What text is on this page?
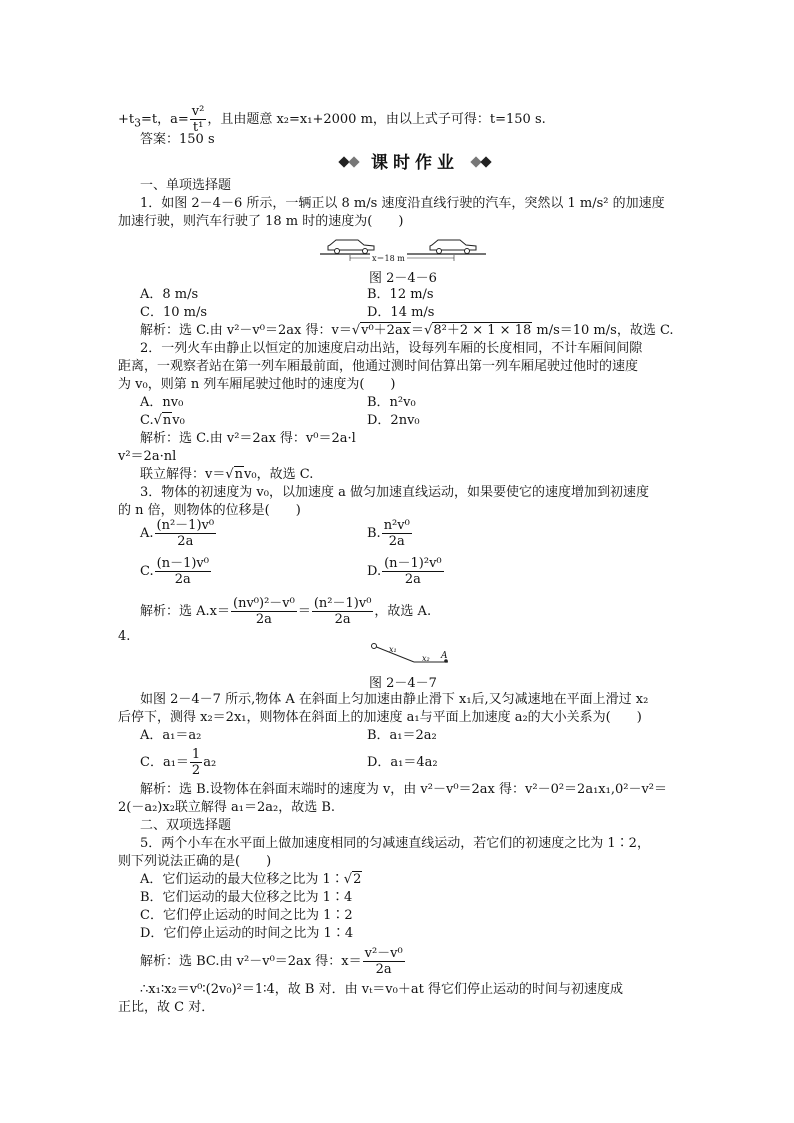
$+t_3=t$，$a= \frac{\text{v²}}{\text{t¹}}$ ，且由题意 x₂=x₁+2000 m，由以上式子可得：t=150 s.
答案：150 s
课时作业
一、单项选择题
1．如图 2－4－6 所示，一辆正以 8 m/s 速度沿直线行驶的汽车，突然以 1 m/s² 的加速度
加速行驶，则汽车行驶了 18 m 时的速度为(　　)
x＝18 m
图 2－4－6
A．8 m/s	B．12 m/s
C．10 m/s	D．14 m/s
解析：选 C.由 v²－v⁰＝2ax 得：v＝√v⁰＋2ax＝√8²＋2 × 1 × 18 m/s＝10 m/s，故选 C.
2．一列火车由静止以恒定的加速度启动出站，设每列车厢的长度相同，不计车厢间间隙
距离，一观察者站在第一列车厢最前面，他通过测时间估算出第一列车厢尾驶过他时的速度
为 v₀，则第 n 列车厢尾驶过他时的速度为(　　)
A．nv₀	B．n²v₀
C.√nv₀	D．2nv₀
解析：选 C.由 v²＝2ax 得：v⁰＝2a·l
v²＝2a·nl
联立解得：v＝√nv₀，故选 C.
3．物体的初速度为 v₀，以加速度 a 做匀加速直线运动，如果要使它的速度增加到初速度
的 n 倍，则物体的位移是(　　)
A. $\frac{\text{(n²－1)v⁰}}{2a}$	B. $\frac{\text{n²v⁰}}{2a}$
C. $\frac{\text{(n－1)v⁰}}{2a}$	D. $\frac{\text{(n－1)²v⁰}}{2a}$
解析：选 $A.x= \frac{\text{(nv⁰)²－v⁰}}{2a} = \frac{\text{(n²－1)v⁰}}{2a}$ ，故选 A.
4.
x₁
x₂ A
图 2－4－7
如图 2－4－7 所示,物体 A 在斜面上匀加速由静止滑下 x₁后,又匀减速地在平面上滑过 x₂
后停下，测得 x₂＝2x₁，则物体在斜面上的加速度 a₁与平面上加速度 a₂的大小关系为(　　)
A．a₁＝a₂	B．a₁＝2a₂
C．$a_1= \frac{1}{2} a_2$	D．a₁＝4a₂
解析：选 B.设物体在斜面末端时的速度为 v，由 v²－v⁰＝2ax 得：v²－0²＝2a₁x₁,0²－v²＝
2(－a₂)x₂联立解得 a₁＝2a₂，故选 B.
二、双项选择题
5．两个小车在水平面上做加速度相同的匀减速直线运动，若它们的初速度之比为 1∶2，
则下列说法正确的是(　　)
A．它们运动的最大位移之比为 1∶√2
B．它们运动的最大位移之比为 1∶4
C．它们停止运动的时间之比为 1∶2
D．它们停止运动的时间之比为 1∶4
解析：选 BC.由 v²－v⁰＝2ax 得：$x= \frac{\text{v²－v⁰}}{2a}$
∴x₁∶x₂＝v⁰∶(2v₀)²＝1∶4，故 B 对．由 vₜ＝v₀＋at 得它们停止运动的时间与初速度成
正比，故 C 对．
